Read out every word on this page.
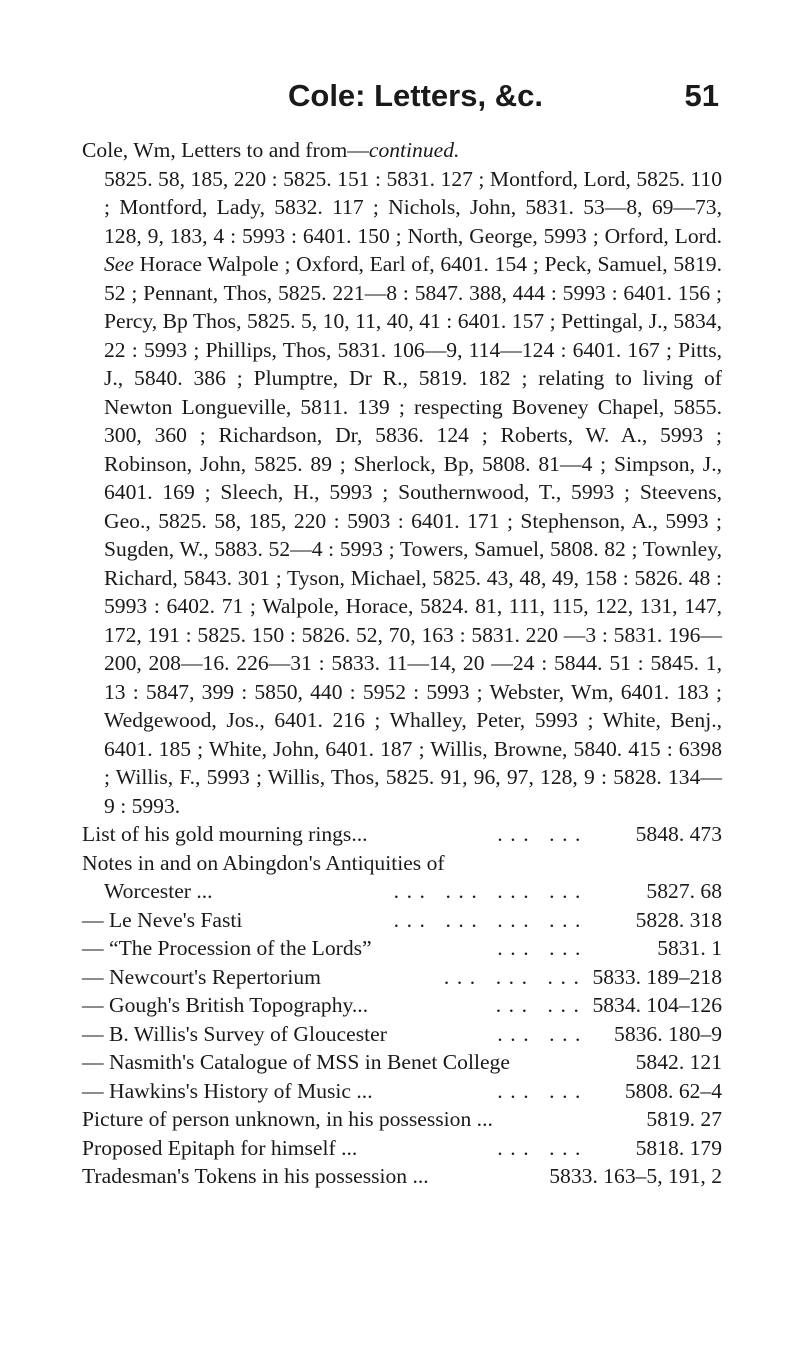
Cole: Letters, &c.	51

Cole, Wm, Letters to and from—continued.

5825. 58, 185, 220 : 5825. 151 : 5831. 127 ; Montford, Lord, 5825. 110 ; Montford, Lady, 5832. 117 ; Nichols, John, 5831. 53—8, 69—73, 128, 9, 183, 4 : 5993 : 6401. 150 ; North, George, 5993 ; Orford, Lord. See Horace Walpole ; Oxford, Earl of, 6401. 154 ; Peck, Samuel, 5819. 52 ; Pennant, Thos, 5825. 221—8 : 5847. 388, 444 : 5993 : 6401. 156 ; Percy, Bp Thos, 5825. 5, 10, 11, 40, 41 : 6401. 157 ; Pettingal, J., 5834, 22 : 5993 ; Phillips, Thos, 5831. 106—9, 114—124 : 6401. 167 ; Pitts, J., 5840. 386 ; Plumptre, Dr R., 5819. 182 ; relating to living of Newton Longueville, 5811. 139 ; respecting Boveney Chapel, 5855. 300, 360 ; Richardson, Dr, 5836. 124 ; Roberts, W. A., 5993 ; Robinson, John, 5825. 89 ; Sherlock, Bp, 5808. 81—4 ; Simpson, J., 6401. 169 ; Sleech, H., 5993 ; Southernwood, T., 5993 ; Steevens, Geo., 5825. 58, 185, 220 : 5903 : 6401. 171 ; Stephenson, A., 5993 ; Sugden, W., 5883. 52—4 : 5993 ; Towers, Samuel, 5808. 82 ; Townley, Richard, 5843. 301 ; Tyson, Michael, 5825. 43, 48, 49, 158 : 5826. 48 : 5993 : 6402. 71 ; Walpole, Horace, 5824. 81, 111, 115, 122, 131, 147, 172, 191 : 5825. 150 : 5826. 52, 70, 163 : 5831. 220 —3 : 5831. 196—200, 208—16. 226—31 : 5833. 11—14, 20 —24 : 5844. 51 : 5845. 1, 13 : 5847, 399 : 5850, 440 : 5952 : 5993 ; Webster, Wm, 6401. 183 ; Wedgewood, Jos., 6401. 216 ; Whalley, Peter, 5993 ; White, Benj., 6401. 185 ; White, John, 6401. 187 ; Willis, Browne, 5840. 415 : 6398 ; Willis, F., 5993 ; Willis, Thos, 5825. 91, 96, 97, 128, 9 : 5828. 134— 9 : 5993.

List of his gold mourning rings...	... ...	5848. 473
Notes in and on Abingdon's Antiquities of
Worcester ...	... ... ... ...	5827. 68
— Le Neve's Fasti	... ... ... ...	5828. 318
— “The Procession of the Lords”	... ...	5831. 1
— Newcourt's Repertorium	... ... ... 5833. 189–218
— Gough's British Topography...	... ... 5834. 104–126
— B. Willis's Survey of Gloucester	... ...	5836. 180–9
— Nasmith's Catalogue of MSS in Benet College	5842. 121
— Hawkins's History of Music ...	... ...	5808. 62–4
Picture of person unknown, in his possession ...	5819. 27
Proposed Epitaph for himself ...	... ...	5818. 179
Tradesman's Tokens in his possession ...	5833. 163–5, 191, 2
